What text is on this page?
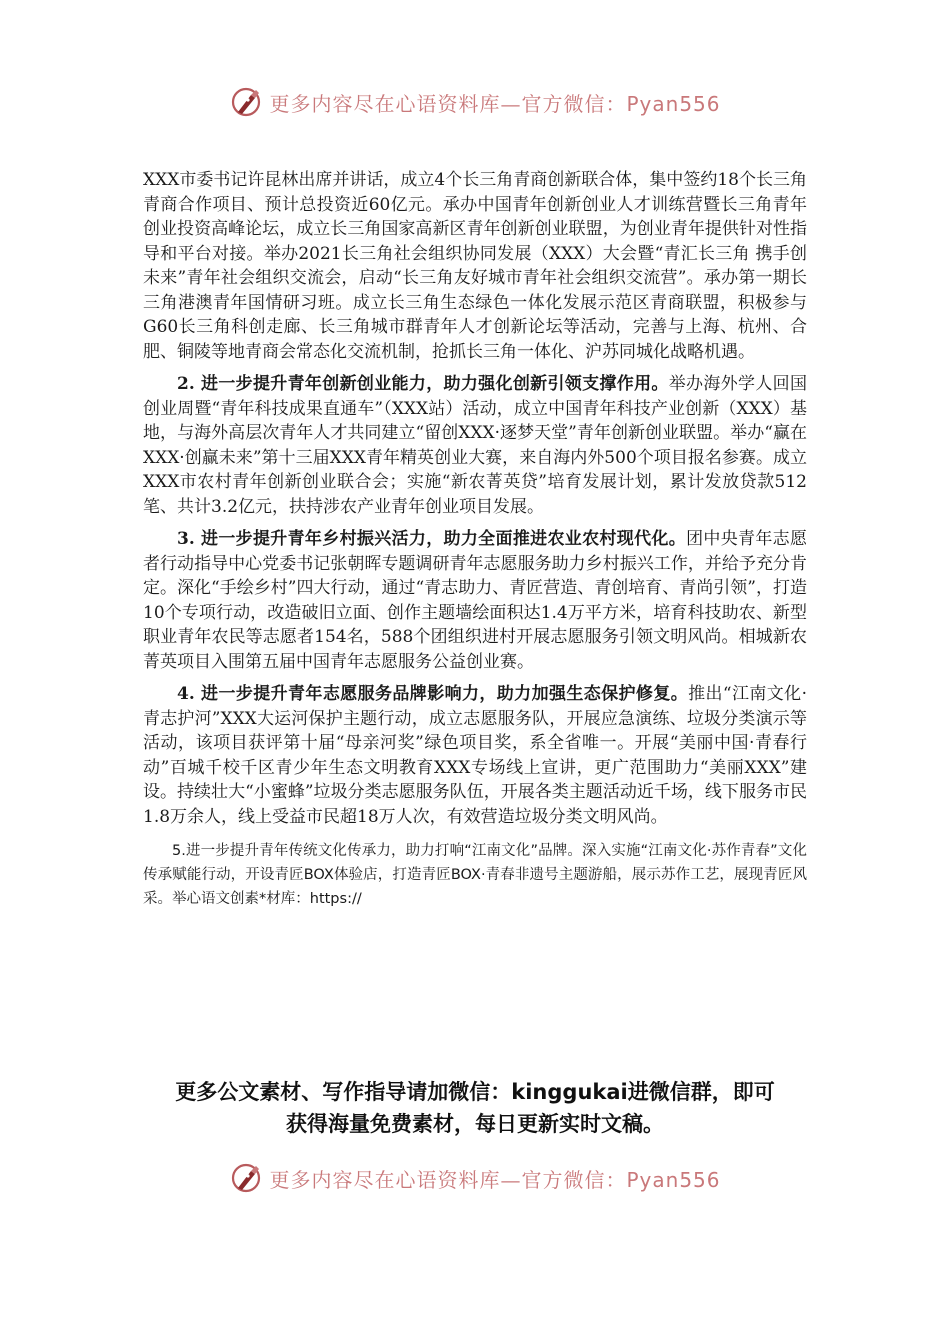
更多内容尽在心语资料库—官方微信：Pyan556

XXX市委书记许昆林出席并讲话，成立4个长三角青商创新联合体，集中签约18个长三角青商合作项目、预计总投资近60亿元。承办中国青年创新创业人才训练营暨长三角青年创业投资高峰论坛，成立长三角国家高新区青年创新创业联盟，为创业青年提供针对性指导和平台对接。举办2021长三角社会组织协同发展（XXX）大会暨“青汇长三角 携手创未来”青年社会组织交流会，启动“长三角友好城市青年社会组织交流营”。承办第一期长三角港澳青年国情研习班。成立长三角生态绿色一体化发展示范区青商联盟，积极参与G60长三角科创走廊、长三角城市群青年人才创新论坛等活动，完善与上海、杭州、合肥、铜陵等地青商会常态化交流机制，抢抓长三角一体化、沪苏同城化战略机遇。

2. 进一步提升青年创新创业能力，助力强化创新引领支撑作用。举办海外学人回国创业周暨“青年科技成果直通车”（XXX站）活动，成立中国青年科技产业创新（XXX）基地，与海外高层次青年人才共同建立“留创XXX·逐梦天堂”青年创新创业联盟。举办“赢在XXX·创赢未来”第十三届XXX青年精英创业大赛，来自海内外500个项目报名参赛。成立XXX市农村青年创新创业联合会；实施“新农菁英贷”培育发展计划，累计发放贷款512笔、共计3.2亿元，扶持涉农产业青年创业项目发展。

3. 进一步提升青年乡村振兴活力，助力全面推进农业农村现代化。团中央青年志愿者行动指导中心党委书记张朝晖专题调研青年志愿服务助力乡村振兴工作，并给予充分肯定。深化“手绘乡村”四大行动，通过“青志助力、青匠营造、青创培育、青尚引领”，打造10个专项行动，改造破旧立面、创作主题墙绘面积达1.4万平方米，培育科技助农、新型职业青年农民等志愿者154名，588个团组织进村开展志愿服务引领文明风尚。相城新农菁英项目入围第五届中国青年志愿服务公益创业赛。

4. 进一步提升青年志愿服务品牌影响力，助力加强生态保护修复。推出“江南文化·青志护河”XXX大运河保护主题行动，成立志愿服务队，开展应急演练、垃圾分类演示等活动，该项目获评第十届“母亲河奖”绿色项目奖，系全省唯一。开展“美丽中国·青春行动”百城千校千区青少年生态文明教育XXX专场线上宣讲，更广范围助力“美丽XXX”建设。持续壮大“小蜜蜂”垃圾分类志愿服务队伍，开展各类主题活动近千场，线下服务市民1.8万余人，线上受益市民超18万人次，有效营造垃圾分类文明风尚。

5.进一步提升青年传统文化传承力，助力打响“江南文化”品牌。深入实施“江南文化·苏作青春”文化传承赋能行动，开设青匠BOX体验店，打造青匠BOX·青春非遗号主题游船，展示苏作工艺，展现青匠风采。举心语文创素*材库：https://

更多公文素材、写作指导请加微信：kinggukai进微信群，即可
获得海量免费素材，每日更新实时文稿。
更多内容尽在心语资料库—官方微信：Pyan556
